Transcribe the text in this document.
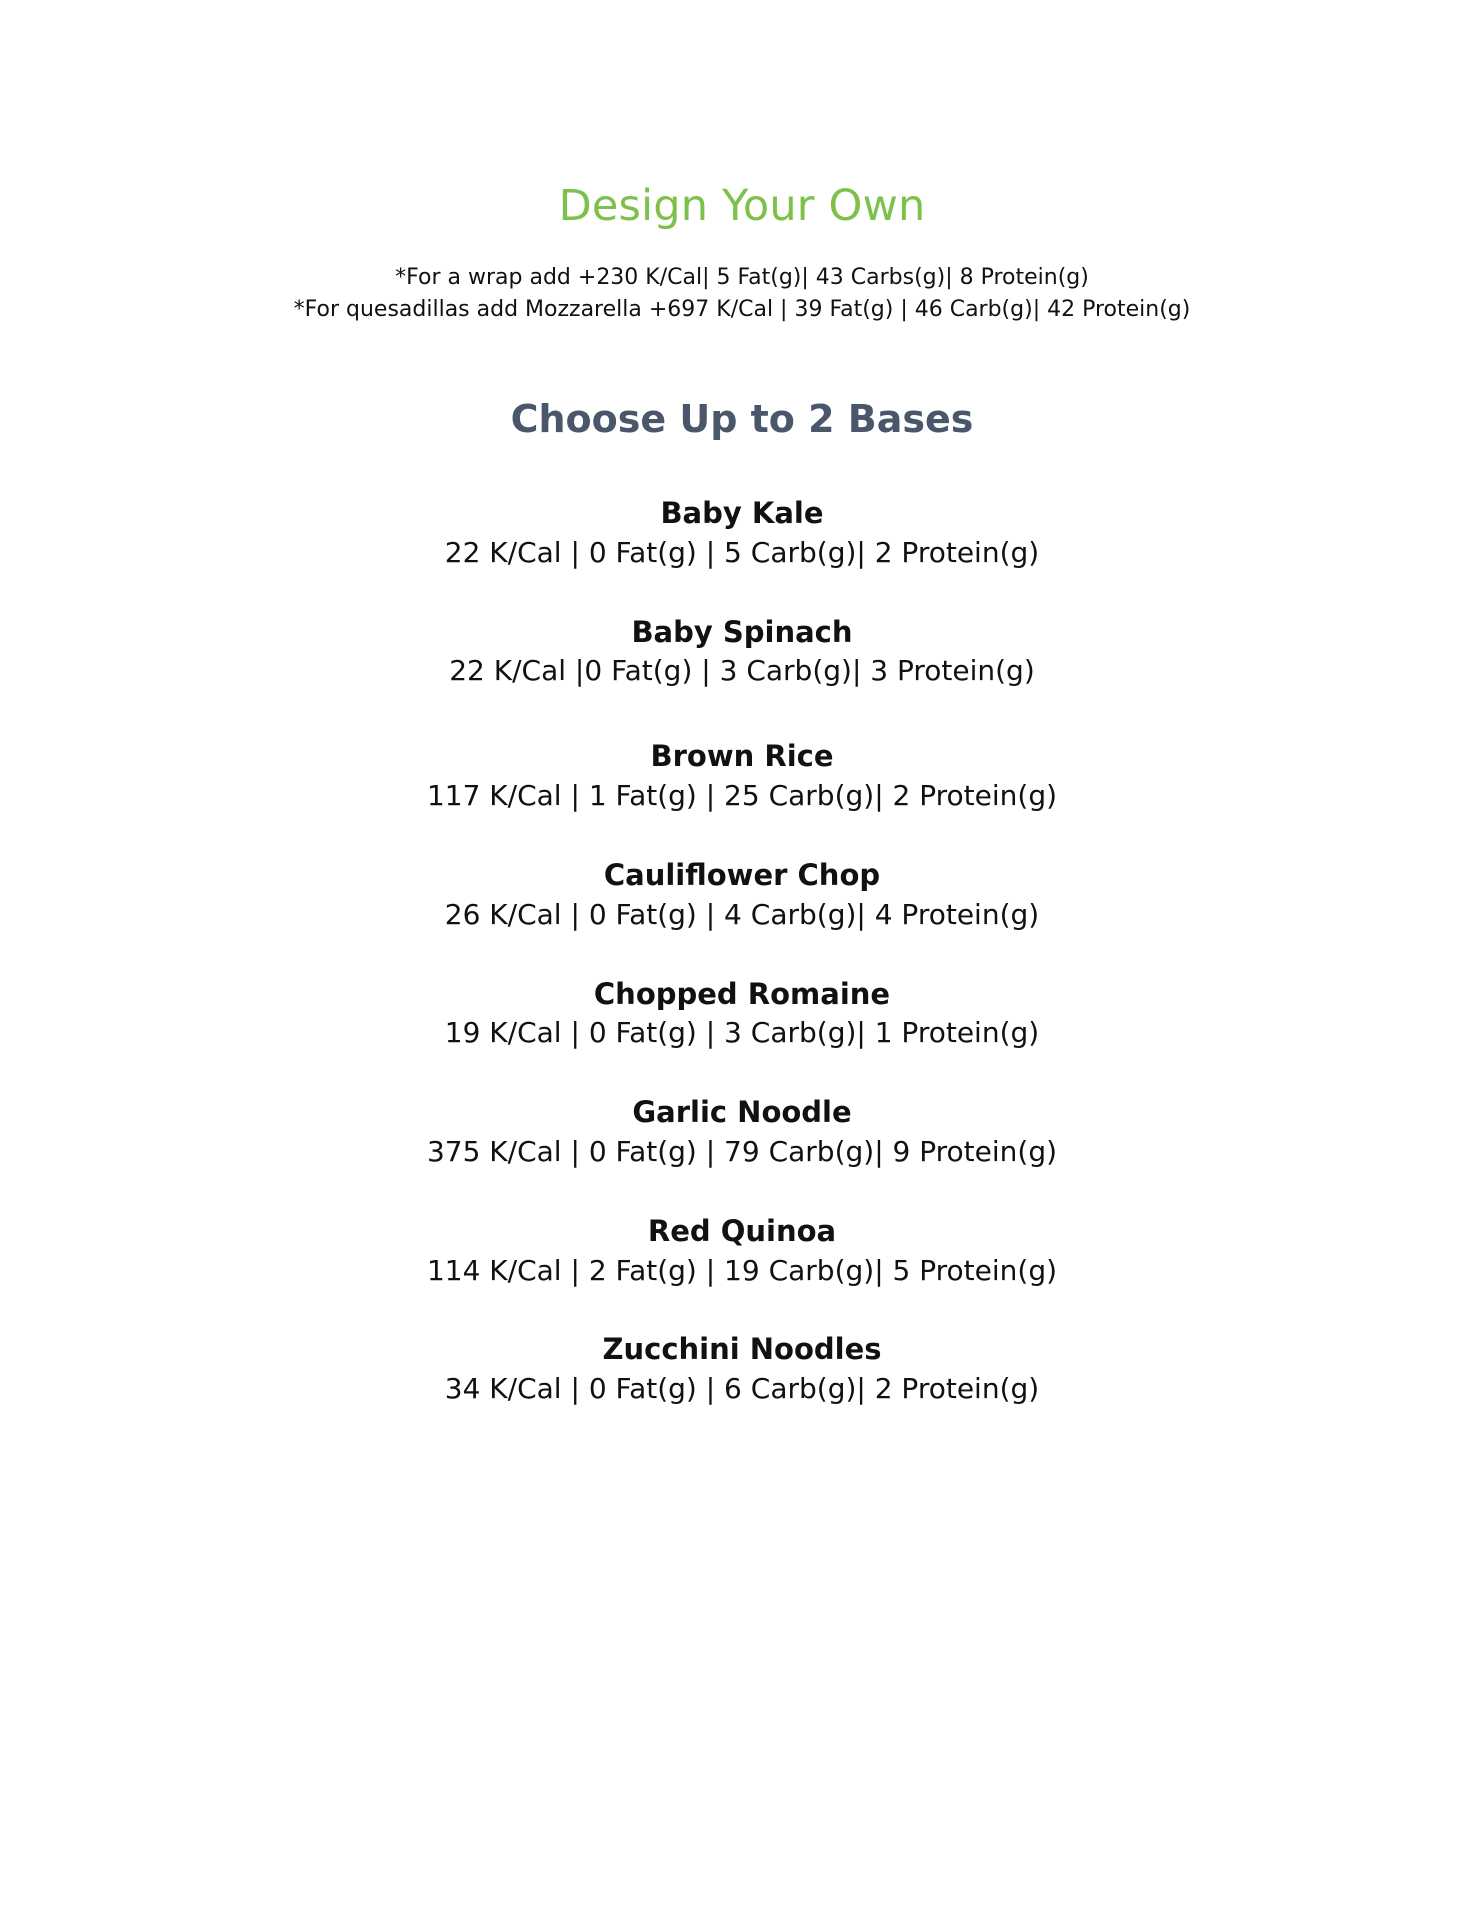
Design Your Own
*For a wrap add +230 K/Cal| 5 Fat(g)| 43 Carbs(g)| 8 Protein(g)
*For quesadillas add Mozzarella +697 K/Cal | 39 Fat(g) | 46 Carb(g)| 42 Protein(g)
Choose Up to 2 Bases
Baby Kale
22 K/Cal | 0 Fat(g) | 5 Carb(g)| 2 Protein(g)
Baby Spinach
22 K/Cal |0 Fat(g) | 3 Carb(g)| 3 Protein(g)
Brown Rice
117 K/Cal | 1 Fat(g) | 25 Carb(g)| 2 Protein(g)
Cauliflower Chop
26 K/Cal | 0 Fat(g) | 4 Carb(g)| 4 Protein(g)
Chopped Romaine
19 K/Cal | 0 Fat(g) | 3 Carb(g)| 1 Protein(g)
Garlic Noodle
375 K/Cal | 0 Fat(g) | 79 Carb(g)| 9 Protein(g)
Red Quinoa
114 K/Cal | 2 Fat(g) | 19 Carb(g)| 5 Protein(g)
Zucchini Noodles
34 K/Cal | 0 Fat(g) | 6 Carb(g)| 2 Protein(g)
